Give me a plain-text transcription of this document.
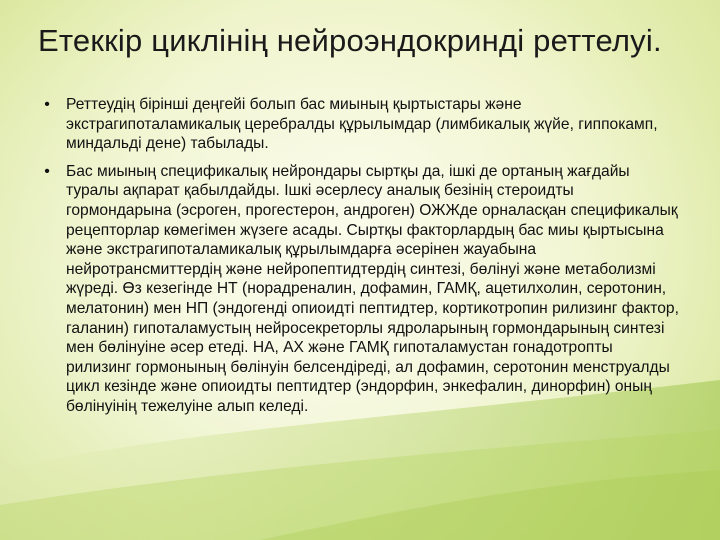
Етеккір циклінің нейроэндокринді реттелуі.
• Реттеудің бірінші деңгейі болып бас миының қыртыстары және экстрагипоталамикалық церебралды құрылымдар (лимбикалық жүйе, гиппокамп, миндальді дене) табылады.
• Бас миының спецификалық нейрондары сыртқы да, ішкі де ортаның жағдайы туралы ақпарат қабылдайды. Ішкі әсерлесу аналық безінің стероидты гормондарына (эсроген, прогестерон, андроген) ОЖЖде орналасқан спецификалық рецепторлар көмегімен жүзеге асады. Сыртқы факторлардың бас миы қыртысына және экстрагипоталамикалық құрылымдарға әсерінен жауабына нейротрансмиттердің және нейропептидтердің синтезі, бөлінуі және метаболизмі жүреді. Өз кезегінде НТ (норадреналин, дофамин, ГАМҚ, ацетилхолин, серотонин, мелатонин) мен НП (эндогенді опиоидті пептидтер, кортикотропин рилизинг фактор, галанин) гипоталамустың нейросекреторлы ядроларының гормондарының синтезі мен бөлінуіне әсер етеді. НА, АХ және ГАМҚ гипоталамустан гонадотропты рилизинг гормонының бөлінуін белсендіреді, ал дофамин, серотонин менструалды цикл кезінде және опиоидты пептидтер (эндорфин, энкефалин, динорфин) оның бөлінуінің тежелуіне алып келеді.
